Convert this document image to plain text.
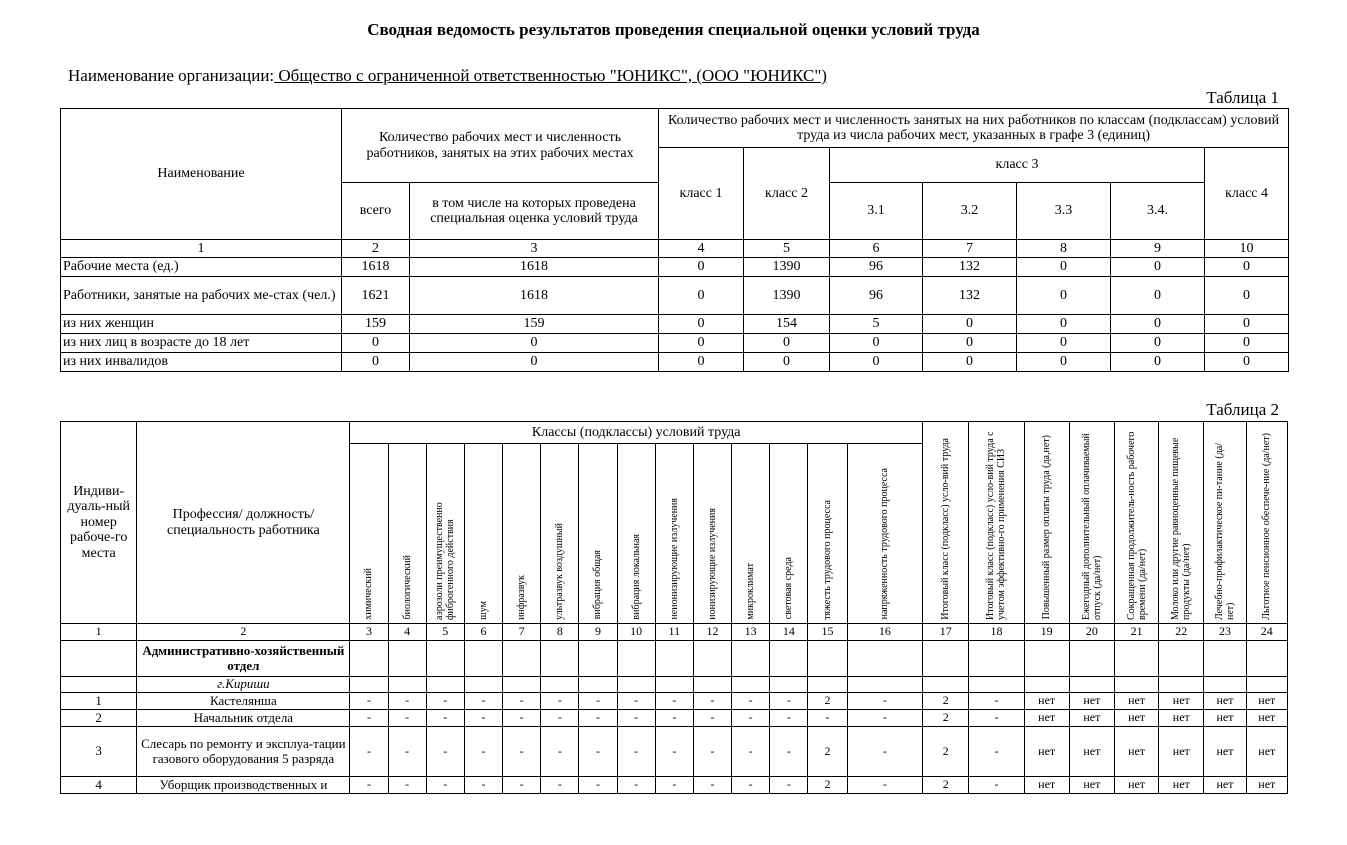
Сводная ведомость результатов проведения специальной оценки условий труда
Наименование организации: Общество с ограниченной ответственностью "ЮНИКС", (ООО "ЮНИКС")
Таблица 1
Наименование	Количество рабочих мест и численность работников, занятых на этих рабочих местах		Количество рабочих мест и численность занятых на них работников по классам (подклассам) условий труда из числа рабочих мест, указанных в графе 3 (единиц)						
			класс 1	класс 2	класс 3				класс 4
	всего	в том числе на которых проведена специальная оценка условий труда			3.1	3.2	3.3	3.4.	
1	2	3	4	5	6	7	8	9	10
Рабочие места (ед.)	1618	1618	0	1390	96	132	0	0	0
Работники, занятые на рабочих ме-стах (чел.)	1621	1618	0	1390	96	132	0	0	0
из них женщин	159	159	0	154	5	0	0	0	0
из них лиц в возрасте до 18 лет	0	0	0	0	0	0	0	0	0
из них инвалидов	0	0	0	0	0	0	0	0	0
Таблица 2
Индиви-дуаль-ный номер рабоче-го места	Профессия/ должность/ специальность работника	Классы (подклассы) условий труда														Итоговый класс (подкласс) усло-вий труда	Итоговый класс (подкласс) усло-вий труда с учетом эффективно-го применения СИЗ	Повышенный размер оплаты труда (да,нет)	Ежегодный дополнительный оплачиваемый отпуск (да/нет)	Сокращенная продолжитель-ность рабочего времени (да/нет)	Молоко или другие равноценные пищевые продукты (да/нет)	Лечебно-профилактическое пи-тание (да/нет)	Льготное пенсионное обеспече-ние (да/нет)

		химический	биологический	аэрозоли преимущественно фиброгенного действия	шум	инфразвук	ультразвук воздушный	вибрация общая	вибрация локальная	неионизирующие излучения	ионизирующие излучения	микроклимат	световая среда	тяжесть трудового процесса	напряженность трудового процесса								

1	2	3	4	5	6	7	8	9	10	11	12	13	14	15	16	17	18	19	20	21	22	23	24
	Административно-хозяйственный отдел																						
	г.Кириши																						
1	Кастелянша	-	-	-	-	-	-	-	-	-	-	-	-	2	-	2	-	нет	нет	нет	нет	нет	нет
2	Начальник отдела	-	-	-	-	-	-	-	-	-	-	-	-	-	-	2	-	нет	нет	нет	нет	нет	нет
3	Слесарь по ремонту и эксплуа-тации газового оборудования 5 разряда	-	-	-	-	-	-	-	-	-	-	-	-	2	-	2	-	нет	нет	нет	нет	нет	нет
4	Уборщик производственных и	-	-	-	-	-	-	-	-	-	-	-	-	2	-	2	-	нет	нет	нет	нет	нет	нет
